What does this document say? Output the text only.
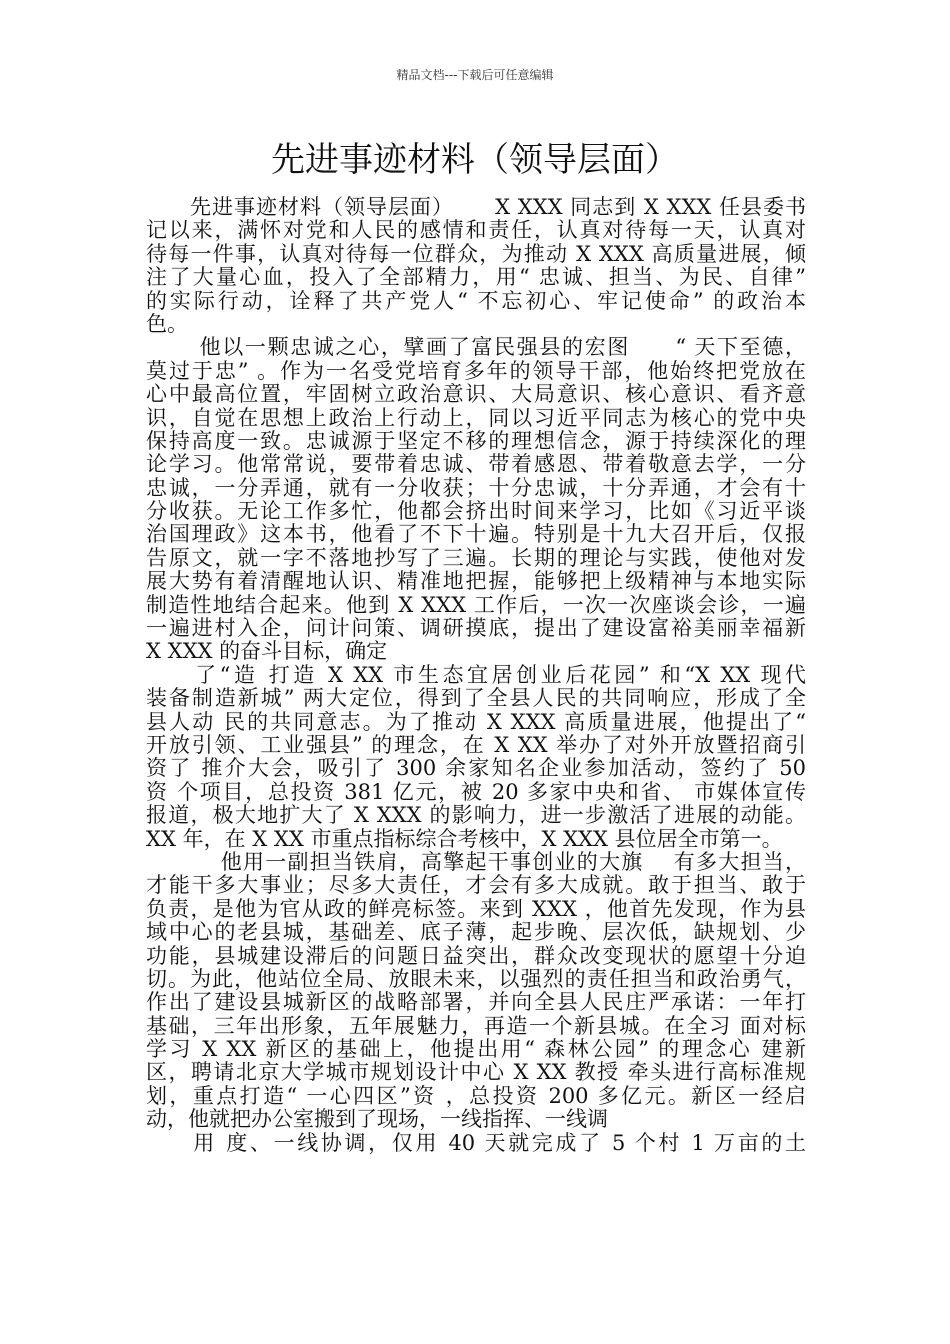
精品文档---下载后可任意编辑
先进事迹材料（领导层面）
　　先进事迹材料（领导层面）　　 X XXX 同志到 X XXX 任县委书
记以来，满怀对党和人民的感情和责任，认真对待每一天，认真对
待每一件事，认真对待每一位群众，为推动 X XXX 高质量进展，倾
注了大量心血，投入了全部精力，用“ 忠诚、担当、为民、自律”
的实际行动，诠释了共产党人“ 不忘初心、牢记使命” 的政治本
色。
　　 他以一颗忠诚之心，擘画了富民强县的宏图　　“ 天下至德，
莫过于忠” 。作为一名受党培育多年的领导干部，他始终把党放在
心中最高位置，牢固树立政治意识、大局意识、核心意识、看齐意
识，自觉在思想上政治上行动上，同以习近平同志为核心的党中央
保持高度一致。忠诚源于坚定不移的理想信念，源于持续深化的理
论学习。他常常说，要带着忠诚、带着感恩、带着敬意去学，一分
忠诚，一分弄通，就有一分收获；十分忠诚，十分弄通，才会有十
分收获。无论工作多忙，他都会挤出时间来学习，比如《习近平谈
治国理政》这本书，他看了不下十遍。特别是十九大召开后，仅报
告原文，就一字不落地抄写了三遍。长期的理论与实践，使他对发
展大势有着清醒地认识、精准地把握，能够把上级精神与本地实际
制造性地结合起来。他到 X XXX 工作后，一次一次座谈会诊，一遍
一遍进村入企，问计问策、调研摸底，提出了建设富裕美丽幸福新
X XXX 的奋斗目标，确定
　　了“造 打造 X XX 市生态宜居创业后花园” 和“X XX 现代
装备制造新城” 两大定位，得到了全县人民的共同响应，形成了全
县人动 民的共同意志。为了推动 X XXX 高质量进展，他提出了“
开放引领、工业强县” 的理念，在 X XX 举办了对外开放暨招商引
资了 推介大会，吸引了 300 余家知名企业参加活动，签约了 50
资 个项目，总投资 381 亿元，被 20 多家中央和省、 市媒体宣传
报道，极大地扩大了 X XXX 的影响力，进一步激活了进展的动能。
XX 年，在 X XX 市重点指标综合考核中，X XXX 县位居全市第一。
　　　 他用一副担当铁肩，高擎起干事创业的大旗　 有多大担当，
才能干多大事业；尽多大责任，才会有多大成就。敢于担当、敢于
负责，是他为官从政的鲜亮标签。来到 XXX ，他首先发现，作为县
域中心的老县城，基础差、底子薄，起步晚、层次低，缺规划、少
功能，县城建设滞后的问题日益突出，群众改变现状的愿望十分迫
切。为此，他站位全局、放眼未来，以强烈的责任担当和政治勇气，
作出了建设县城新区的战略部署，并向全县人民庄严承诺：一年打
基础，三年出形象，五年展魅力，再造一个新县城。在全习 面对标
学习 X XX 新区的基础上，他提出用“ 森林公园” 的理念心 建新
区，聘请北京大学城市规划设计中心 X XX 教授 牵头进行高标准规
划，重点打造“ 一心四区”资 ，总投资 200 多亿元。新区一经启
动，他就把办公室搬到了现场，一线指挥、一线调
　　用 度、一线协调，仅用 40 天就完成了 5 个村 1 万亩的土
